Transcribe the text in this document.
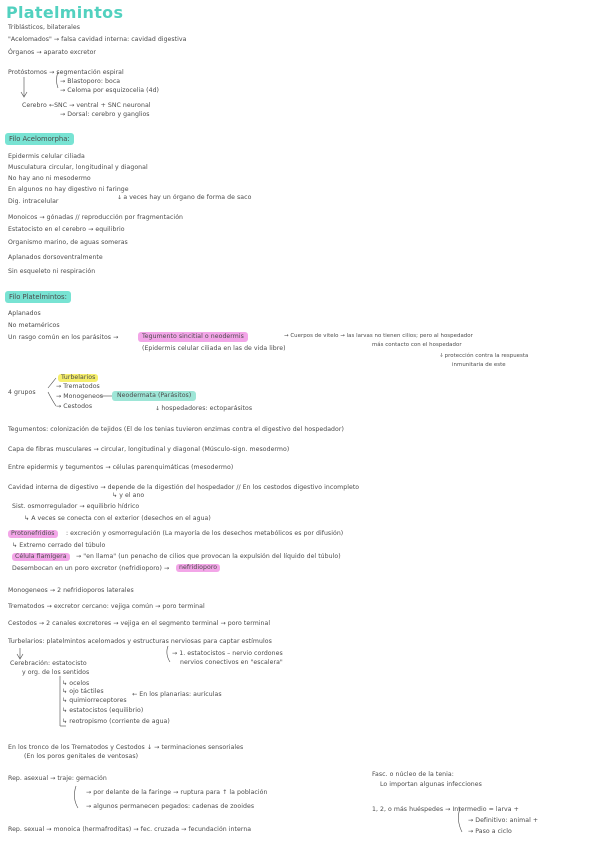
Platelmintos
Triblásticos, bilaterales
"Acelomados" → falsa cavidad interna: cavidad digestiva
Órganos → aparato excretor
Protóstomos → segmentación espiral
→ Blastoporo: boca
→ Celoma por esquizocelia (4d)
Cerebro ←SNC → ventral + SNC neuronal
→ Dorsal: cerebro y ganglios
Filo Acelomorpha:
Epidermis celular ciliada
Musculatura circular, longitudinal y diagonal
No hay ano ni mesodermo
En algunos no hay digestivo ni faringe
Dig. intracelular
ↆ a veces hay un órgano de forma de saco
Monoicos → gónadas // reproducción por fragmentación
Estatocisto en el cerebro → equilibrio
Organismo marino, de aguas someras
Aplanados dorsoventralmente
Sin esqueleto ni respiración
Filo Platelmintos:
Aplanados
No metaméricos
Un rasgo común en los parásitos →	Tegumento sincitial o neodermis
(Epidermis celular ciliada en las de vida libre)
→ Cuerpos de vitelo → las larvas no tienen cilios; pero al hospedador
más contacto con el hospedador
ↆ protección contra la respuesta
inmunitaria de este
4 grupos
Turbelarios
→ Trematodos
→ Monogeneos
→ Cestodos
Neodermata (Parásitos)
ↆ hospedadores: ectoparásitos
Tegumentos: colonización de tejidos (El de los tenias tuvieron enzimas contra el digestivo del hospedador)
Capa de fibras musculares → circular, longitudinal y diagonal (Músculo-sign. mesodermo)
Entre epidermis y tegumentos → células parenquimáticas (mesodermo)
Cavidad interna de digestivo → depende de la digestión del hospedador // En los cestodos digestivo incompleto
↳ y el ano
Sist. osmorregulador → equilibrio hídrico
↳ A veces se conecta con el exterior (desechos en el agua)
Protonefridios	: excreción y osmorregulación (La mayoría de los desechos metabólicos es por difusión)
↳ Extremo cerrado del túbulo
Célula flamígera	→ "en llama" (un penacho de cilios que provocan la expulsión del líquido del túbulo)
Desembocan en un poro excretor (nefridioporo) →	nefridioporo
Monogeneos → 2 nefridioporos laterales
Trematodos → excretor cercano: vejiga común → poro terminal
Cestodos → 2 canales excretores → vejiga en el segmento terminal → poro terminal
Turbelarios: platelmintos acelomados y estructuras nerviosas para captar estímulos
Cerebración: estatocisto
y org. de los sentidos
→ 1. estatocistos – nervio cordones
nervios conectivos en "escalera"
↳ ocelos
↳ ojo táctiles
↳ quimiorreceptores
↳ estatocistos (equilibrio)
↳ reotropismo (corriente de agua)
← En los planarias: aurículas
En los tronco de los Trematodos y Cestodos ↓ → terminaciones sensoriales
(En los poros genitales de ventosas)
Rep. asexual → traje: gemación
→ por delante de la faringe → ruptura para ↑ la población
→ algunos permanecen pegados: cadenas de zooides
Rep. sexual → monoica (hermafroditas) → fec. cruzada → fecundación interna
Fasc. o núcleo de la tenia:
Lo importan algunas infecciones
1, 2, o más huéspedes → Intermedio = larva +
→ Definitivo: animal +
→ Paso a ciclo
